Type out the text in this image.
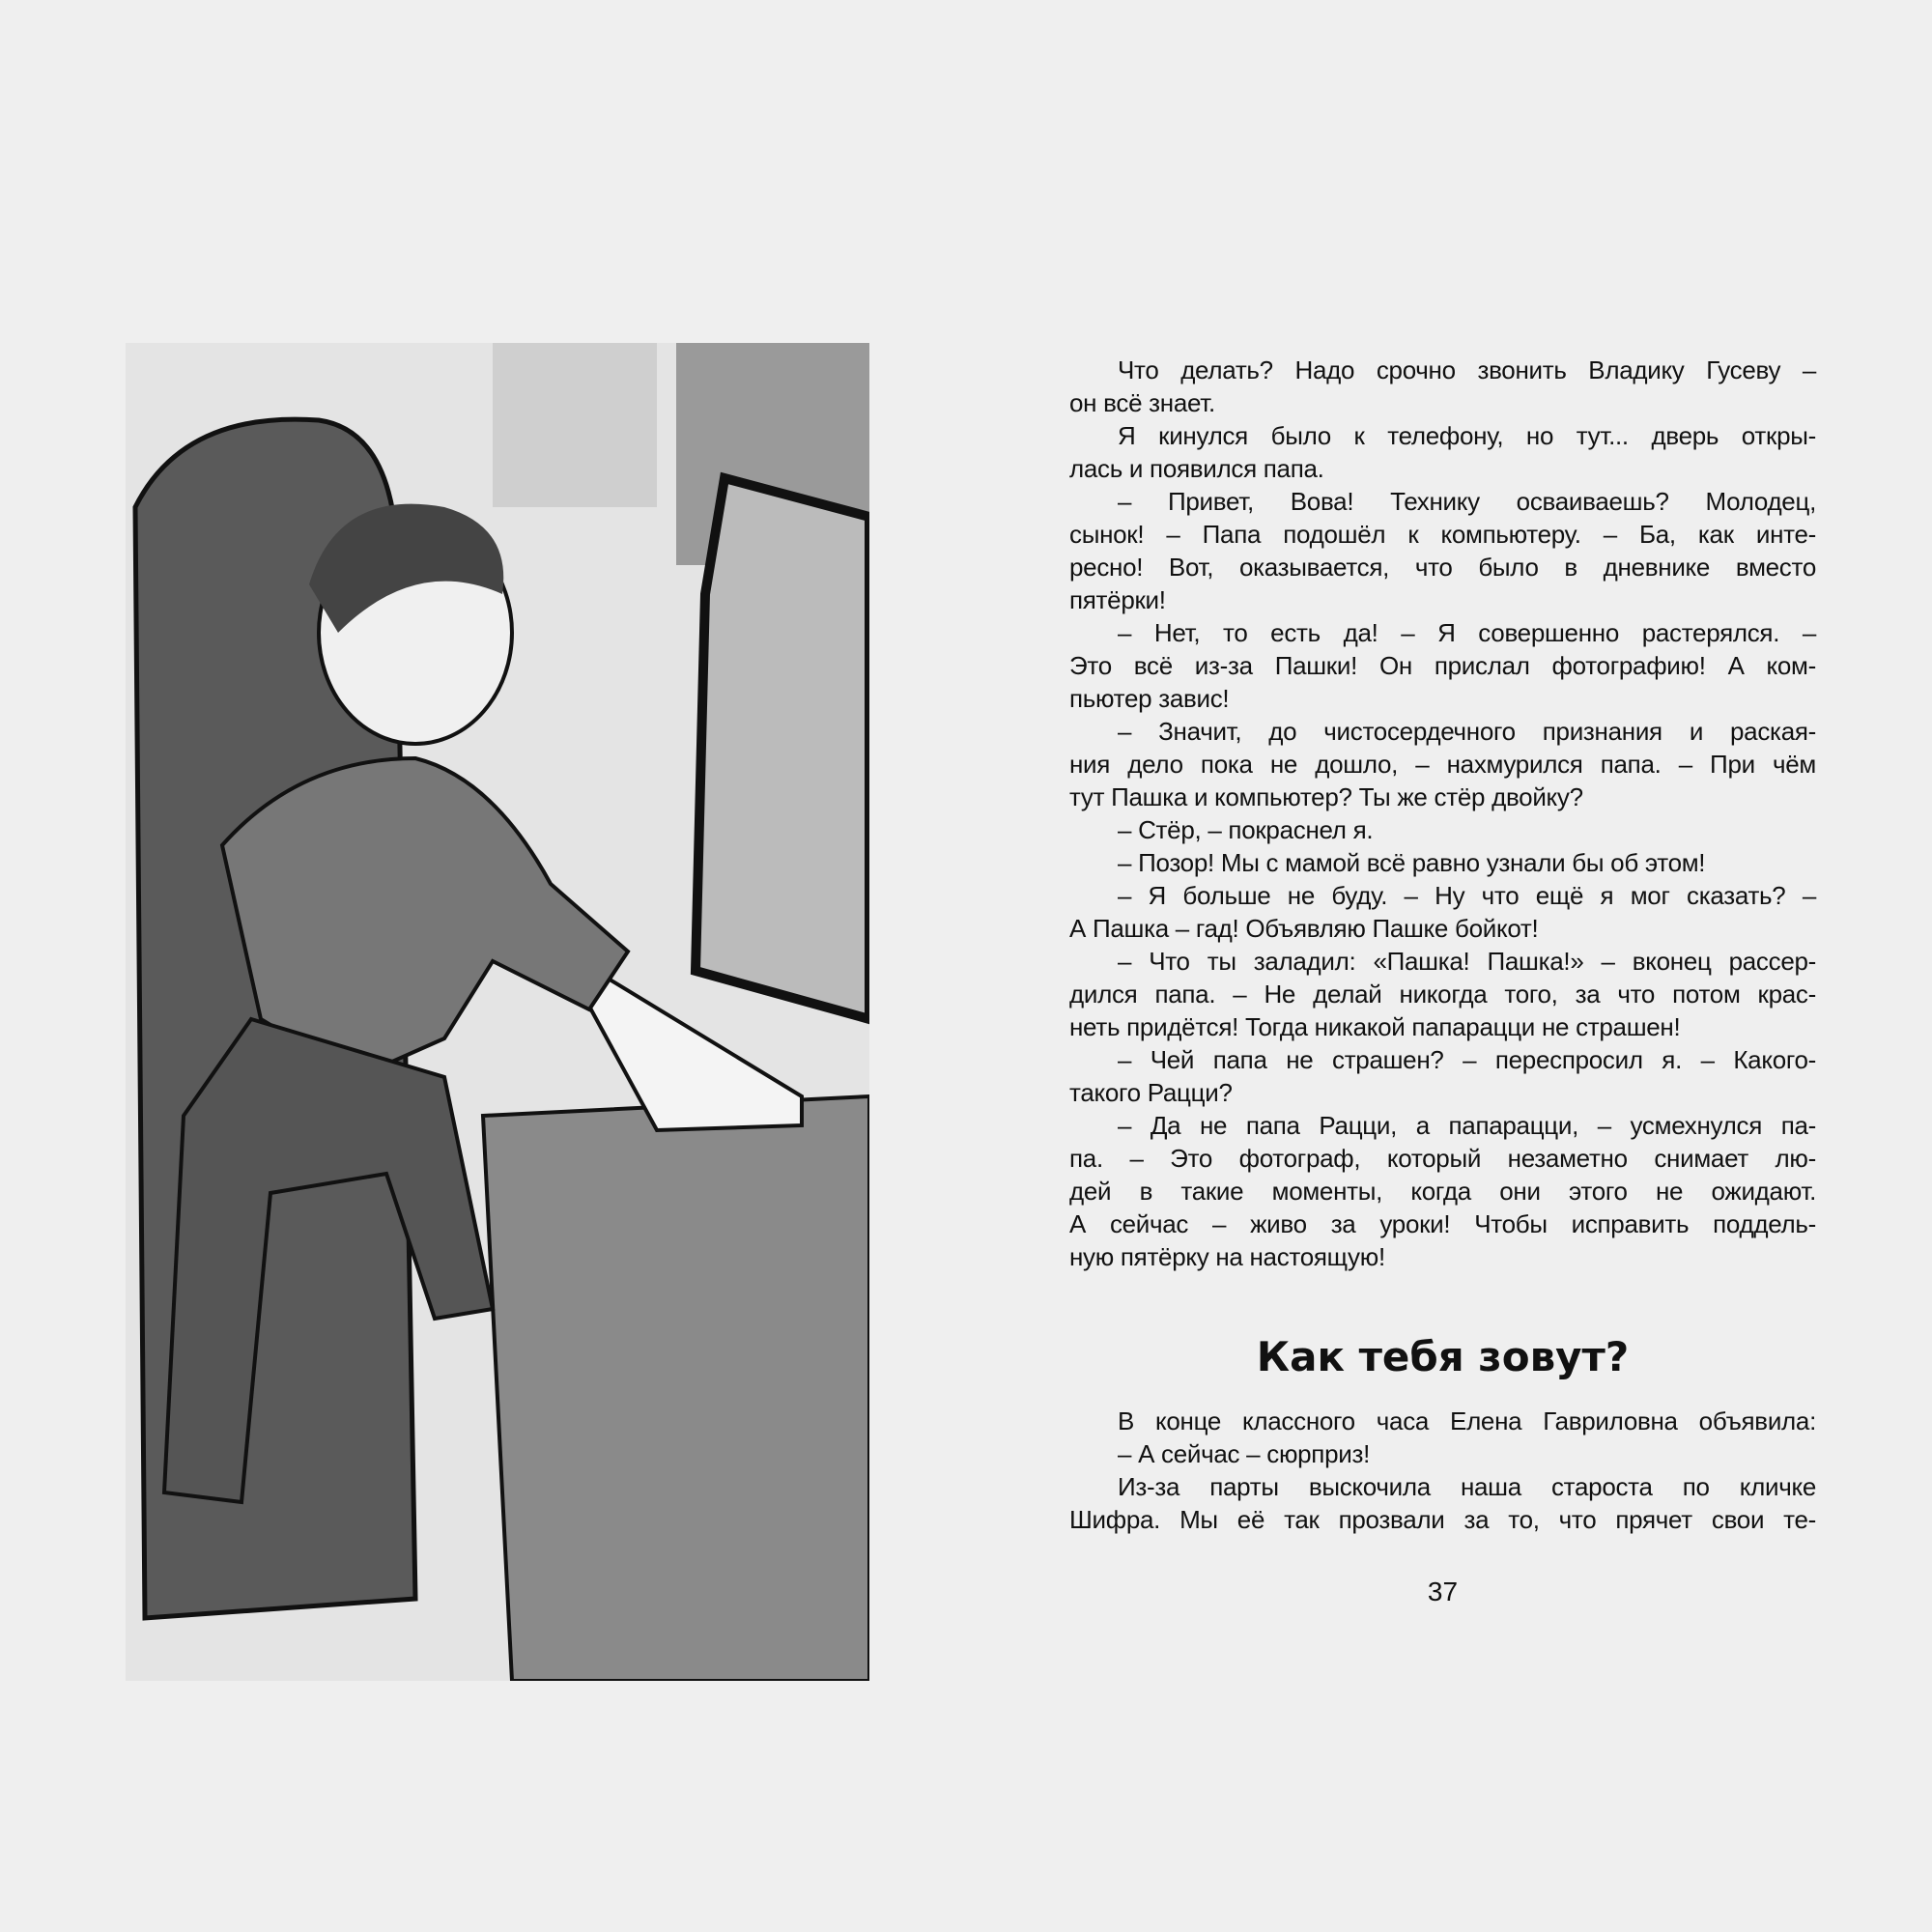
Что делать? Надо срочно звонить Владику Гусеву –
он всё знает.
Я кинулся было к телефону, но тут... дверь откры-
лась и появился папа.
– Привет, Вова! Технику осваиваешь? Молодец,
сынок! – Папа подошёл к компьютеру. – Ба, как инте-
ресно! Вот, оказывается, что было в дневнике вместо
пятёрки!
– Нет, то есть да! – Я совершенно растерялся. –
Это всё из-за Пашки! Он прислал фотографию! А ком-
пьютер завис!
– Значит, до чистосердечного признания и раская-
ния дело пока не дошло, – нахмурился папа. – При чём
тут Пашка и компьютер? Ты же стёр двойку?
– Стёр, – покраснел я.
– Позор! Мы с мамой всё равно узнали бы об этом!
– Я больше не буду. – Ну что ещё я мог сказать? –
А Пашка – гад! Объявляю Пашке бойкот!
– Что ты заладил: «Пашка! Пашка!» – вконец рассер-
дился папа. – Не делай никогда того, за что потом крас-
неть придётся! Тогда никакой папарацци не страшен!
– Чей папа не страшен? – переспросил я. – Какого-
такого Рацци?
– Да не папа Рацци, а папарацци, – усмехнулся па-
па. – Это фотограф, который незаметно снимает лю-
дей в такие моменты, когда они этого не ожидают.
А сейчас – живо за уроки! Чтобы исправить поддель-
ную пятёрку на настоящую!
Как тебя зовут?
В конце классного часа Елена Гавриловна объявила:
– А сейчас – сюрприз!
Из-за парты выскочила наша староста по кличке
Шифра. Мы её так прозвали за то, что прячет свои те-
37
